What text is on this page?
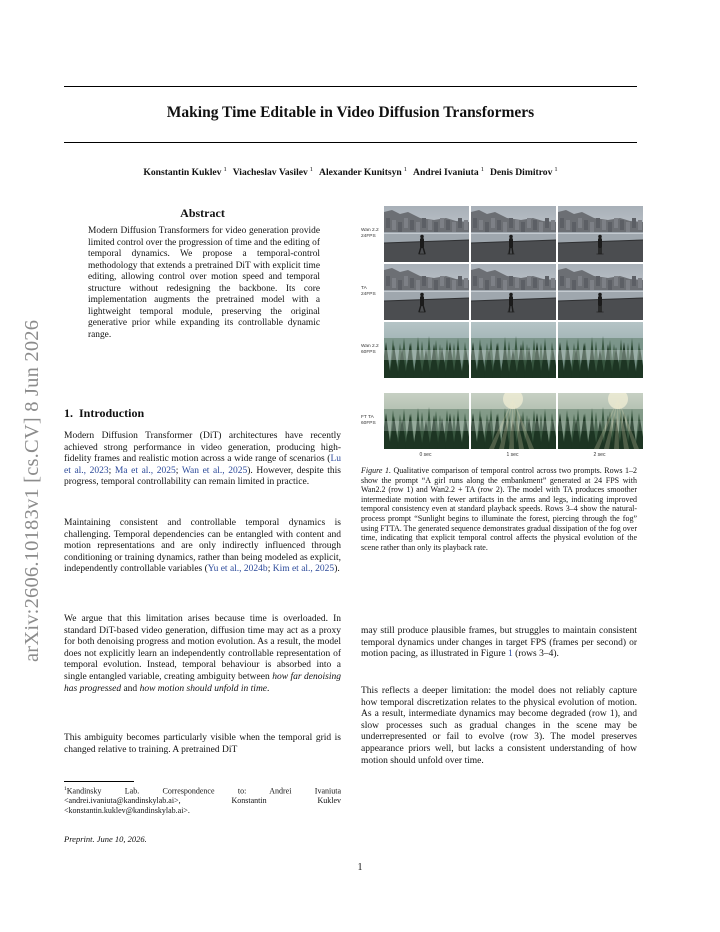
Making Time Editable in Video Diffusion Transformers
Konstantin Kuklev $^1$ Viacheslav Vasilev $^1$ Alexander Kunitsyn $^1$ Andrei Ivaniuta $^1$ Denis Dimitrov $^1$
arXiv:2606.10183v1 [cs.CV] 8 Jun 2026
Abstract

Modern Diffusion Transformers for video generation provide limited control over the progression of time and the editing of temporal dynamics. We propose a temporal-control methodology that extends a pretrained DiT with explicit time editing, allowing control over motion speed and temporal structure without redesigning the backbone. Its core implementation augments the pretrained model with a lightweight temporal module, preserving the original generative prior while expanding its controllable dynamic range.

1. Introduction

Modern Diffusion Transformer (DiT) architectures have recently achieved strong performance in video generation, producing high-fidelity frames and realistic motion across a wide range of scenarios (Lu et al., 2023; Ma et al., 2025; Wan et al., 2025). However, despite this progress, temporal controllability can remain limited in practice.

Maintaining consistent and controllable temporal dynamics is challenging. Temporal dependencies can be entangled with content and motion representations and are only indirectly influenced through conditioning or training dynamics, rather than being modeled as explicit, independently controllable variables (Yu et al., 2024b; Kim et al., 2025).

We argue that this limitation arises because time is overloaded. In standard DiT-based video generation, diffusion time may act as a proxy for both denoising progress and motion evolution. As a result, the model does not explicitly learn an independently controllable representation of temporal evolution. Instead, temporal behaviour is absorbed into a single entangled variable, creating ambiguity between how far denoising has progressed and how motion should unfold in time.

This ambiguity becomes particularly visible when the temporal grid is changed relative to training. A pretrained DiT

Wan 2.2
24FPS
TA
24FPS
Wan 2.2
60FPS
FT TA
60FPS
0 sec	1 sec	2 sec

Figure 1. Qualitative comparison of temporal control across two prompts. Rows 1–2 show the prompt “A girl runs along the embankment” generated at 24 FPS with Wan2.2 (row 1) and Wan2.2 + TA (row 2). The model with TA produces smoother intermediate motion with fewer artifacts in the arms and legs, indicating improved temporal consistency even at standard playback speeds. Rows 3–4 show the natural-process prompt “Sunlight begins to illuminate the forest, piercing through the fog” using FTTA. The generated sequence demonstrates gradual dissipation of the fog over time, indicating that explicit temporal control affects the physical evolution of the scene rather than only its playback rate.

may still produce plausible frames, but struggles to maintain consistent temporal dynamics under changes in target FPS (frames per second) or motion pacing, as illustrated in Figure 1 (rows 3–4).

This reflects a deeper limitation: the model does not reliably capture how temporal discretization relates to the physical evolution of motion. As a result, intermediate dynamics may become degraded (row 1), and slow processes such as gradual changes in the scene may be underrepresented or fail to evolve (row 3). The model preserves appearance priors well, but lacks a consistent understanding of how motion should unfold over time.

$^1$Kandinsky Lab. Correspondence to: Andrei Ivaniuta <andrei.ivaniuta@kandinskylab.ai>, Konstantin Kuklev <konstantin.kuklev@kandinskylab.ai>.

Preprint. June 10, 2026.
1
